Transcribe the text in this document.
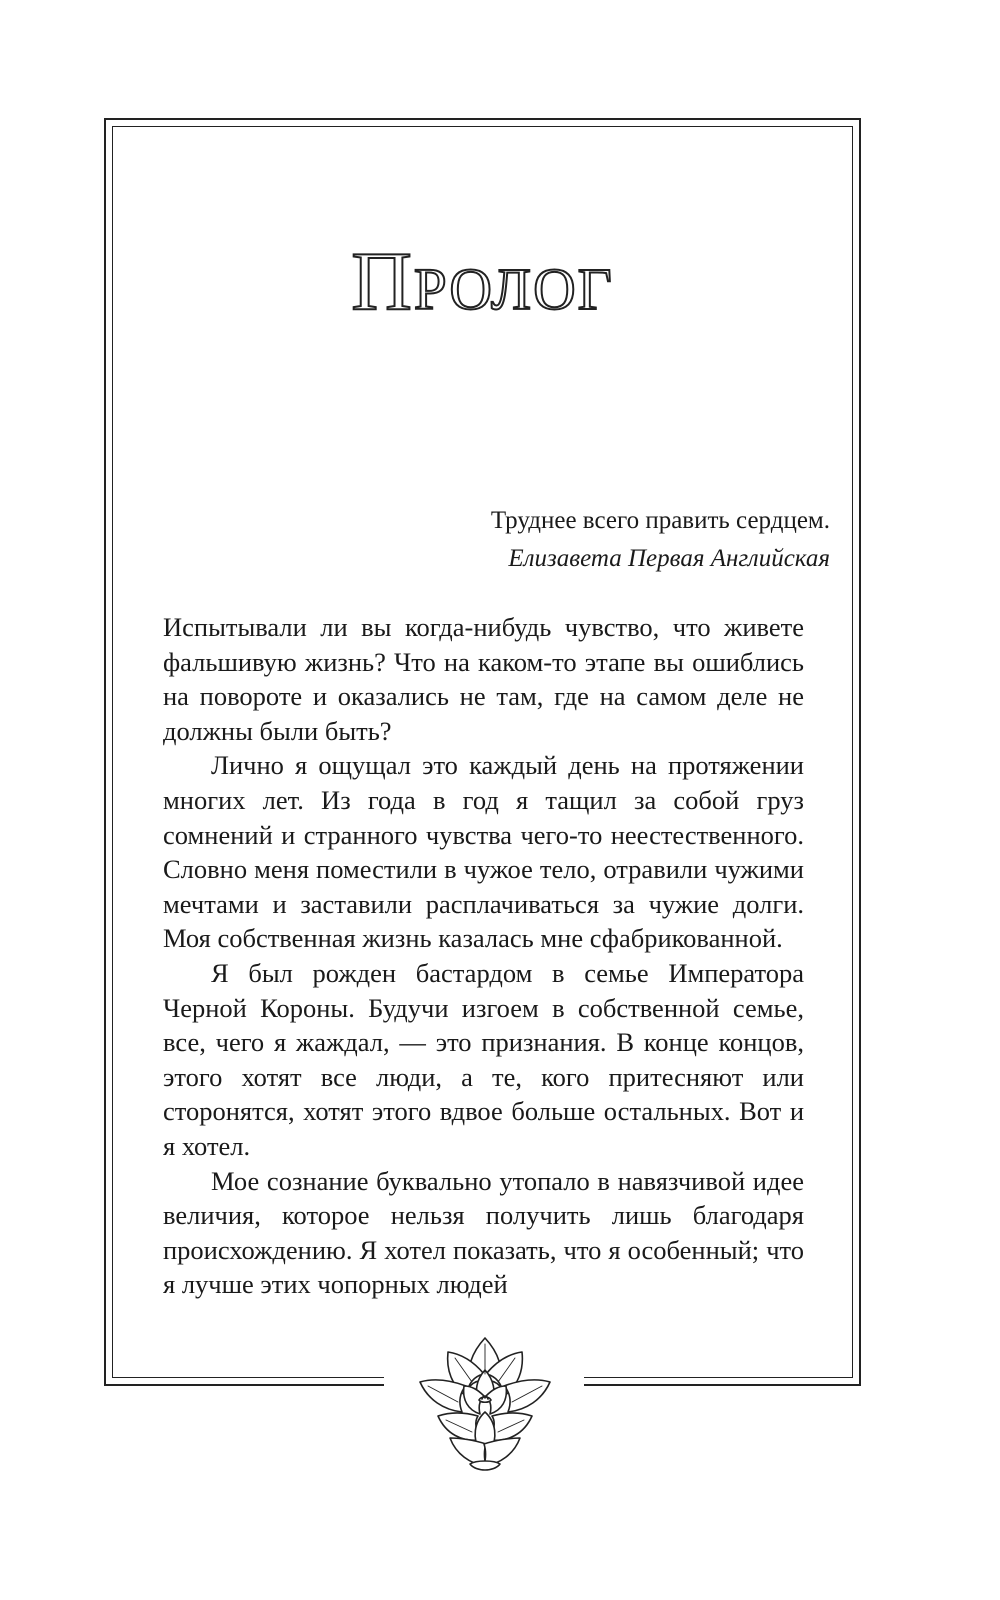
Пролог
Труднее всего править сердцем.
Елизавета Первая Английская

Испытывали ли вы когда-нибудь чувство, что живете фальшивую жизнь? Что на каком-то этапе вы ошиблись на повороте и оказались не там, где на самом деле не должны были быть?

Лично я ощущал это каждый день на протяжении многих лет. Из года в год я тащил за собой груз сомнений и странного чувства чего-то неестественного. Словно меня поместили в чужое тело, отравили чужими мечтами и заставили расплачиваться за чужие долги. Моя собственная жизнь казалась мне сфабрикованной.

Я был рожден бастардом в семье Императора Черной Короны. Будучи изгоем в собственной семье, все, чего я жаждал, — это признания. В конце концов, этого хотят все люди, а те, кого притесняют или сторонятся, хотят этого вдвое больше остальных. Вот и я хотел.

Мое сознание буквально утопало в навязчивой идее величия, которое нельзя получить лишь благодаря происхождению. Я хотел показать, что я особенный; что я лучше этих чопорных людей
